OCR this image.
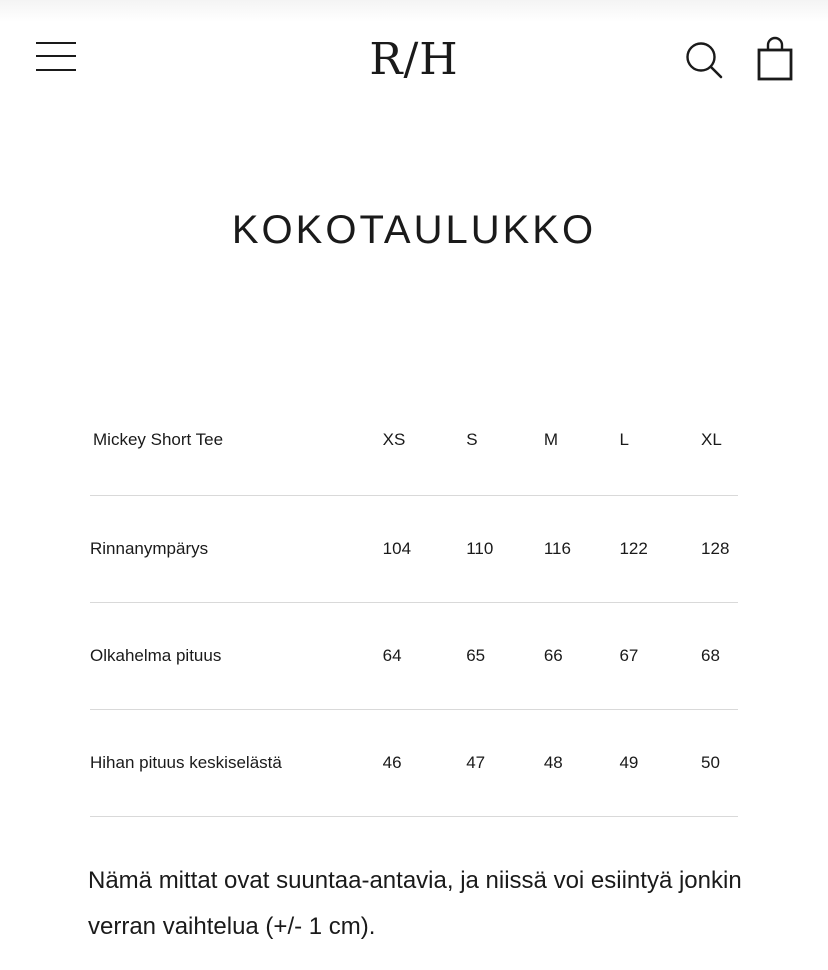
R/H
KOKOTAULUKKO
Mickey Short Tee	XS	S	M	L	XL
Rinnanympärys	104	110	116	122	128
Olkahelma pituus	64	65	66	67	68
Hihan pituus keskiselästä	46	47	48	49	50

Nämä mittat ovat suuntaa-antavia, ja niissä voi esiintyä jonkin verran vaihtelua (+/- 1 cm).
